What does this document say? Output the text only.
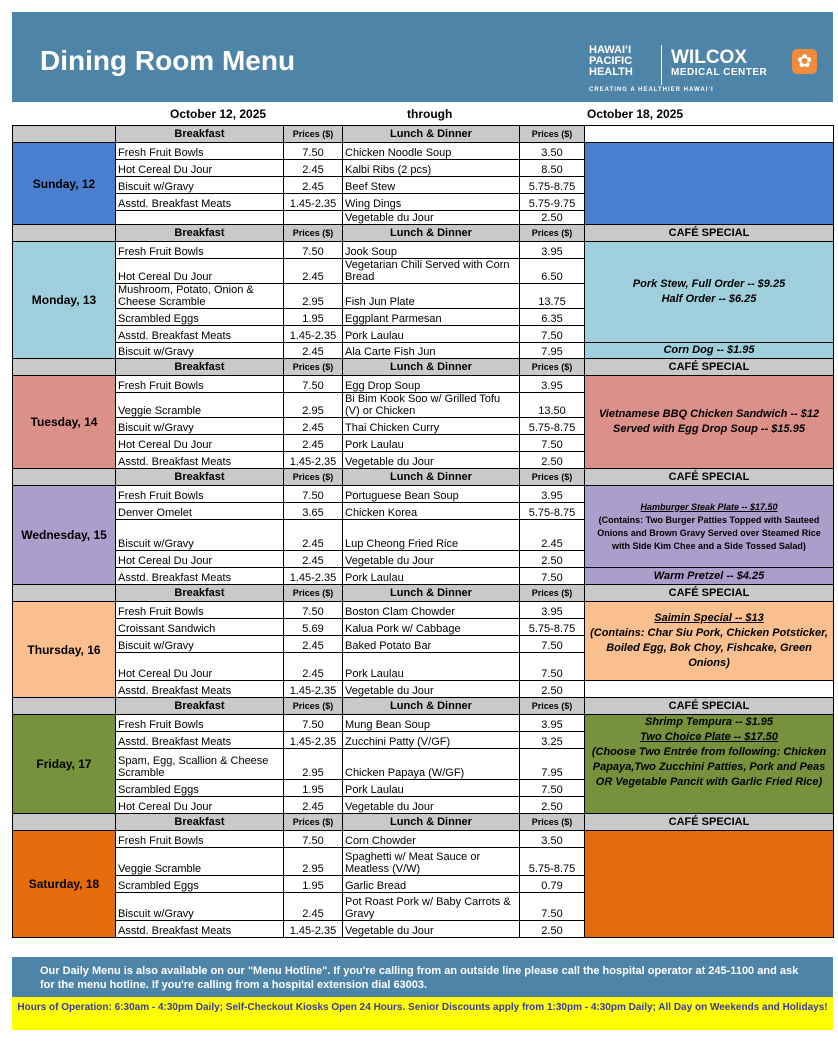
Dining Room Menu	HAWAIʻI
PACIFIC
HEALTH
WILCOX
MEDICAL CENTER
CREATING A HEALTHIER HAWAIʻI
✿
October 12, 2025	through	October 18, 2025
	Breakfast	Prices ($)	Lunch & Dinner	Prices ($)	
Sunday, 12	Fresh Fruit Bowls	7.50	Chicken Noodle Soup	3.50	
	Hot Cereal Du Jour	2.45	Kalbi Ribs (2 pcs)	8.50	
	Biscuit w/Gravy	2.45	Beef Stew	5.75-8.75	
	Asstd. Breakfast Meats	1.45-2.35	Wing Dings	5.75-9.75	
			Vegetable du Jour	2.50	
	Breakfast	Prices ($)	Lunch & Dinner	Prices ($)	CAFÉ SPECIAL
Monday, 13	Fresh Fruit Bowls	7.50	Jook Soup	3.95	Pork Stew, Full Order -- $9.25
Half Order -- $6.25

	Hot Cereal Du Jour	2.45	Vegetarian Chili Served with Corn Bread	6.50	
	Mushroom, Potato, Onion & Cheese Scramble	2.95	Fish Jun Plate	13.75	
	Scrambled Eggs	1.95	Eggplant Parmesan	6.35	
	Asstd. Breakfast Meats	1.45-2.35	Pork Laulau	7.50	
	Biscuit w/Gravy	2.45	Ala Carte Fish Jun	7.95	Corn Dog -- $1.95
	Breakfast	Prices ($)	Lunch & Dinner	Prices ($)	CAFÉ SPECIAL
Tuesday, 14	Fresh Fruit Bowls	7.50	Egg Drop Soup	3.95	Vietnamese BBQ Chicken Sandwich -- $12
Served with Egg Drop Soup -- $15.95

	Veggie Scramble	2.95	Bi Bim Kook Soo w/ Grilled Tofu (V) or Chicken	13.50	
	Biscuit w/Gravy	2.45	Thai Chicken Curry	5.75-8.75	
	Hot Cereal Du Jour	2.45	Pork Laulau	7.50	
	Asstd. Breakfast Meats	1.45-2.35	Vegetable du Jour	2.50	
	Breakfast	Prices ($)	Lunch & Dinner	Prices ($)	CAFÉ SPECIAL
Wednesday, 15	Fresh Fruit Bowls	7.50	Portuguese Bean Soup	3.95	Hamburger Steak Plate -- $17.50
(Contains: Two Burger Patties Topped with Sauteed Onions and Brown Gravy Served over Steamed Rice with Side Kim Chee and a Side Tossed Salad)

	Denver Omelet	3.65	Chicken Korea	5.75-8.75	
	Biscuit w/Gravy	2.45	Lup Cheong Fried Rice	2.45	
	Hot Cereal Du Jour	2.45	Vegetable du Jour	2.50	
	Asstd. Breakfast Meats	1.45-2.35	Pork Laulau	7.50	Warm Pretzel -- $4.25
	Breakfast	Prices ($)	Lunch & Dinner	Prices ($)	CAFÉ SPECIAL
Thursday, 16	Fresh Fruit Bowls	7.50	Boston Clam Chowder	3.95	Saimin Special -- $13
(Contains: Char Siu Pork, Chicken Potsticker, Boiled Egg, Bok Choy, Fishcake, Green Onions)

	Croissant Sandwich	5.69	Kalua Pork w/ Cabbage	5.75-8.75	
	Biscuit w/Gravy	2.45	Baked Potato Bar	7.50	
	Hot Cereal Du Jour	2.45	Pork Laulau	7.50	
	Asstd. Breakfast Meats	1.45-2.35	Vegetable du Jour	2.50	
	Breakfast	Prices ($)	Lunch & Dinner	Prices ($)	CAFÉ SPECIAL
Friday, 17	Fresh Fruit Bowls	7.50	Mung Bean Soup	3.95	Shrimp Tempura -- $1.95
Two Choice Plate -- $17.50
(Choose Two Entrée from following: Chicken Papaya,Two Zucchini Patties, Pork and Peas OR Vegetable Pancit with Garlic Fried Rice)

	Asstd. Breakfast Meats	1.45-2.35	Zucchini Patty (V/GF)	3.25	
	Spam, Egg, Scallion & Cheese Scramble	2.95	Chicken Papaya (W/GF)	7.95	
	Scrambled Eggs	1.95	Pork Laulau	7.50	
	Hot Cereal Du Jour	2.45	Vegetable du Jour	2.50	
	Breakfast	Prices ($)	Lunch & Dinner	Prices ($)	CAFÉ SPECIAL
Saturday, 18	Fresh Fruit Bowls	7.50	Corn Chowder	3.50	
	Veggie Scramble	2.95	Spaghetti w/ Meat Sauce or Meatless (V/W)	5.75-8.75	
	Scrambled Eggs	1.95	Garlic Bread	0.79	
	Biscuit w/Gravy	2.45	Pot Roast Pork w/ Baby Carrots & Gravy	7.50	
	Asstd. Breakfast Meats	1.45-2.35	Vegetable du Jour	2.50	
Our Daily Menu is also available on our "Menu Hotline". If you're calling from an outside line please call the hospital operator at 245-1100 and ask for the menu hotline. If you're calling from a hospital extension dial 63003.
Hours of Operation: 6:30am - 4:30pm Daily; Self-Checkout Kiosks Open 24 Hours. Senior Discounts apply from 1:30pm - 4:30pm Daily; All Day on Weekends and Holidays!
